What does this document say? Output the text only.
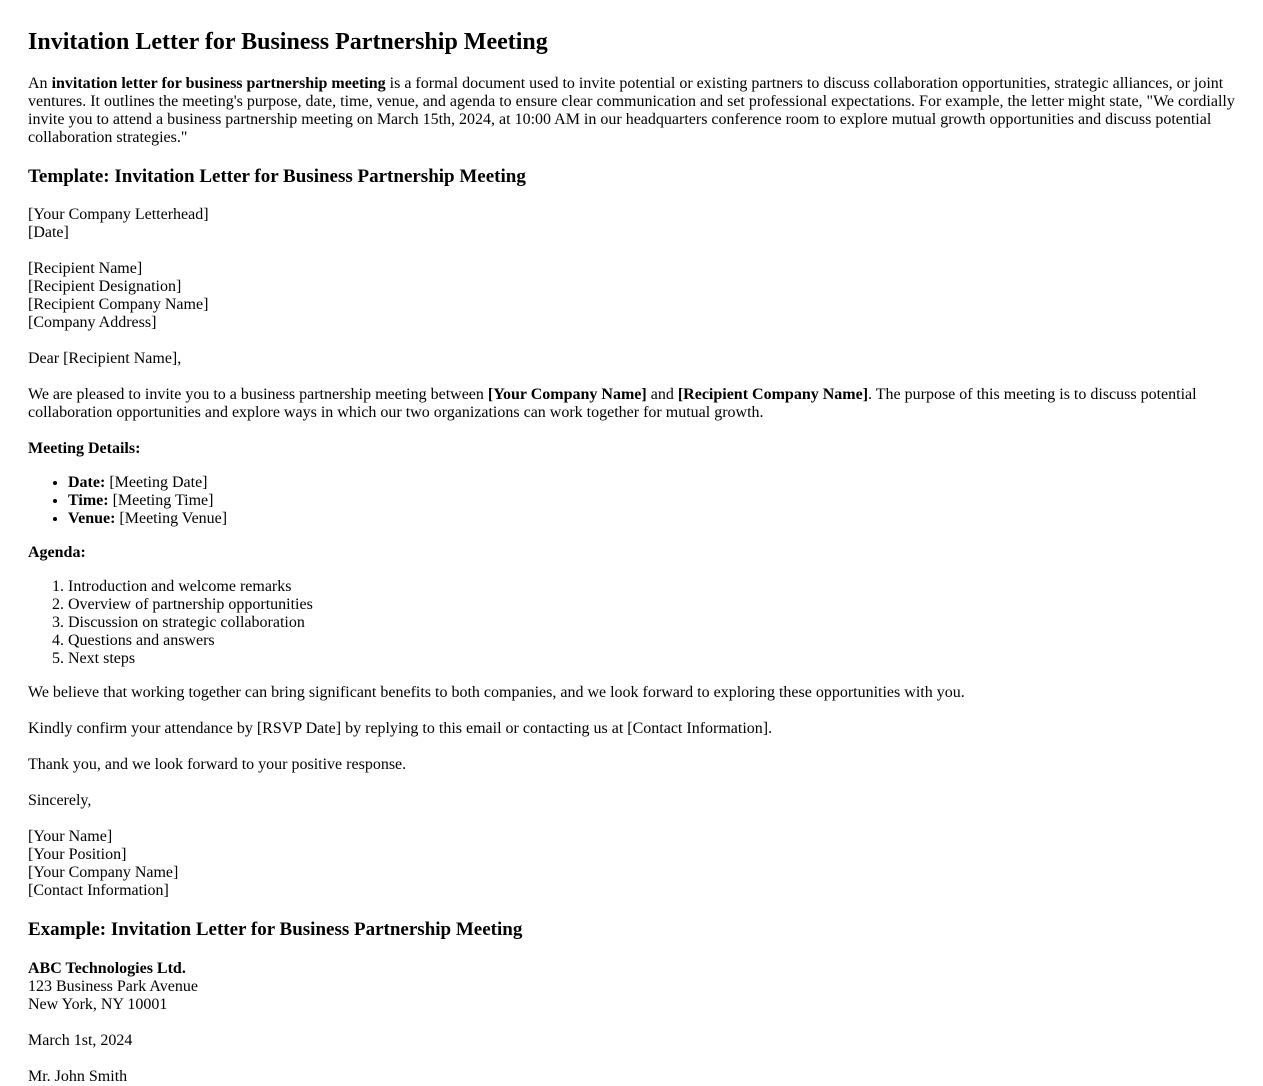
Invitation Letter for Business Partnership Meeting

An invitation letter for business partnership meeting is a formal document used to invite potential or existing partners to discuss collaboration opportunities, strategic alliances, or joint ventures. It outlines the meeting's purpose, date, time, venue, and agenda to ensure clear communication and set professional expectations. For example, the letter might state, "We cordially invite you to attend a business partnership meeting on March 15th, 2024, at 10:00 AM in our headquarters conference room to explore mutual growth opportunities and discuss potential collaboration strategies."

Template: Invitation Letter for Business Partnership Meeting

[Your Company Letterhead]
[Date]

[Recipient Name]
[Recipient Designation]
[Recipient Company Name]
[Company Address]

Dear [Recipient Name],

We are pleased to invite you to a business partnership meeting between [Your Company Name] and [Recipient Company Name]. The purpose of this meeting is to discuss potential collaboration opportunities and explore ways in which our two organizations can work together for mutual growth.

Meeting Details:

• Date: [Meeting Date]
• Time: [Meeting Time]
• Venue: [Meeting Venue]

Agenda:

1. Introduction and welcome remarks
2. Overview of partnership opportunities
3. Discussion on strategic collaboration
4. Questions and answers
5. Next steps

We believe that working together can bring significant benefits to both companies, and we look forward to exploring these opportunities with you.

Kindly confirm your attendance by [RSVP Date] by replying to this email or contacting us at [Contact Information].

Thank you, and we look forward to your positive response.

Sincerely,

[Your Name]
[Your Position]
[Your Company Name]
[Contact Information]

Example: Invitation Letter for Business Partnership Meeting

ABC Technologies Ltd.
123 Business Park Avenue
New York, NY 10001

March 1st, 2024

Mr. John Smith
